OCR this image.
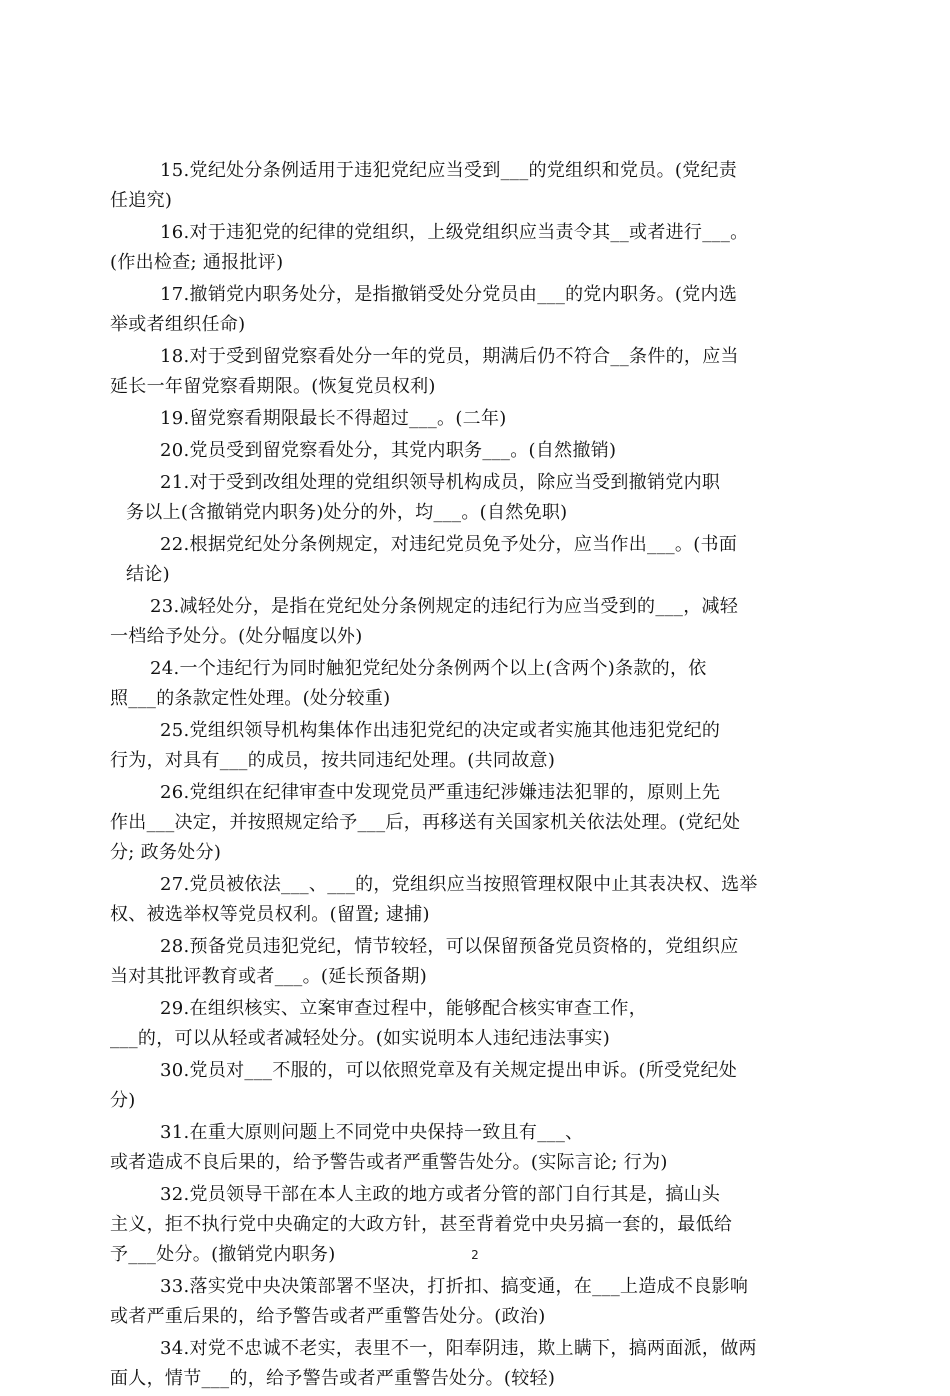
15.党纪处分条例适用于违犯党纪应当受到___的党组织和党员。(党纪责
任追究)
16.对于违犯党的纪律的党组织，上级党组织应当责令其__或者进行___。
(作出检查; 通报批评)
17.撤销党内职务处分，是指撤销受处分党员由___的党内职务。(党内选
举或者组织任命)
18.对于受到留党察看处分一年的党员，期满后仍不符合__条件的，应当
延长一年留党察看期限。(恢复党员权利)
19.留党察看期限最长不得超过___。(二年)
20.党员受到留党察看处分，其党内职务___。(自然撤销)
21.对于受到改组处理的党组织领导机构成员，除应当受到撤销党内职
务以上(含撤销党内职务)处分的外，均___。(自然免职)
22.根据党纪处分条例规定，对违纪党员免予处分，应当作出___。(书面
结论)
23.减轻处分，是指在党纪处分条例规定的违纪行为应当受到的___，减轻
一档给予处分。(处分幅度以外)
24.一个违纪行为同时触犯党纪处分条例两个以上(含两个)条款的，依
照___的条款定性处理。(处分较重)
25.党组织领导机构集体作出违犯党纪的决定或者实施其他违犯党纪的
行为，对具有___的成员，按共同违纪处理。(共同故意)
26.党组织在纪律审查中发现党员严重违纪涉嫌违法犯罪的，原则上先
作出___决定，并按照规定给予___后，再移送有关国家机关依法处理。(党纪处
分; 政务处分)
27.党员被依法___、___的，党组织应当按照管理权限中止其表决权、选举
权、被选举权等党员权利。(留置; 逮捕)
28.预备党员违犯党纪，情节较轻，可以保留预备党员资格的，党组织应
当对其批评教育或者___。(延长预备期)
29.在组织核实、立案审查过程中，能够配合核实审查工作，
___的，可以从轻或者减轻处分。(如实说明本人违纪违法事实)
30.党员对___不服的，可以依照党章及有关规定提出申诉。(所受党纪处
分)
31.在重大原则问题上不同党中央保持一致且有___、
或者造成不良后果的，给予警告或者严重警告处分。(实际言论; 行为)
32.党员领导干部在本人主政的地方或者分管的部门自行其是，搞山头
主义，拒不执行党中央确定的大政方针，甚至背着党中央另搞一套的，最低给
予___处分。(撤销党内职务)
33.落实党中央决策部署不坚决，打折扣、搞变通，在___上造成不良影响
或者严重后果的，给予警告或者严重警告处分。(政治)
34.对党不忠诚不老实，表里不一，阳奉阴违，欺上瞒下，搞两面派，做两
面人，情节___的，给予警告或者严重警告处分。(较轻)
2
